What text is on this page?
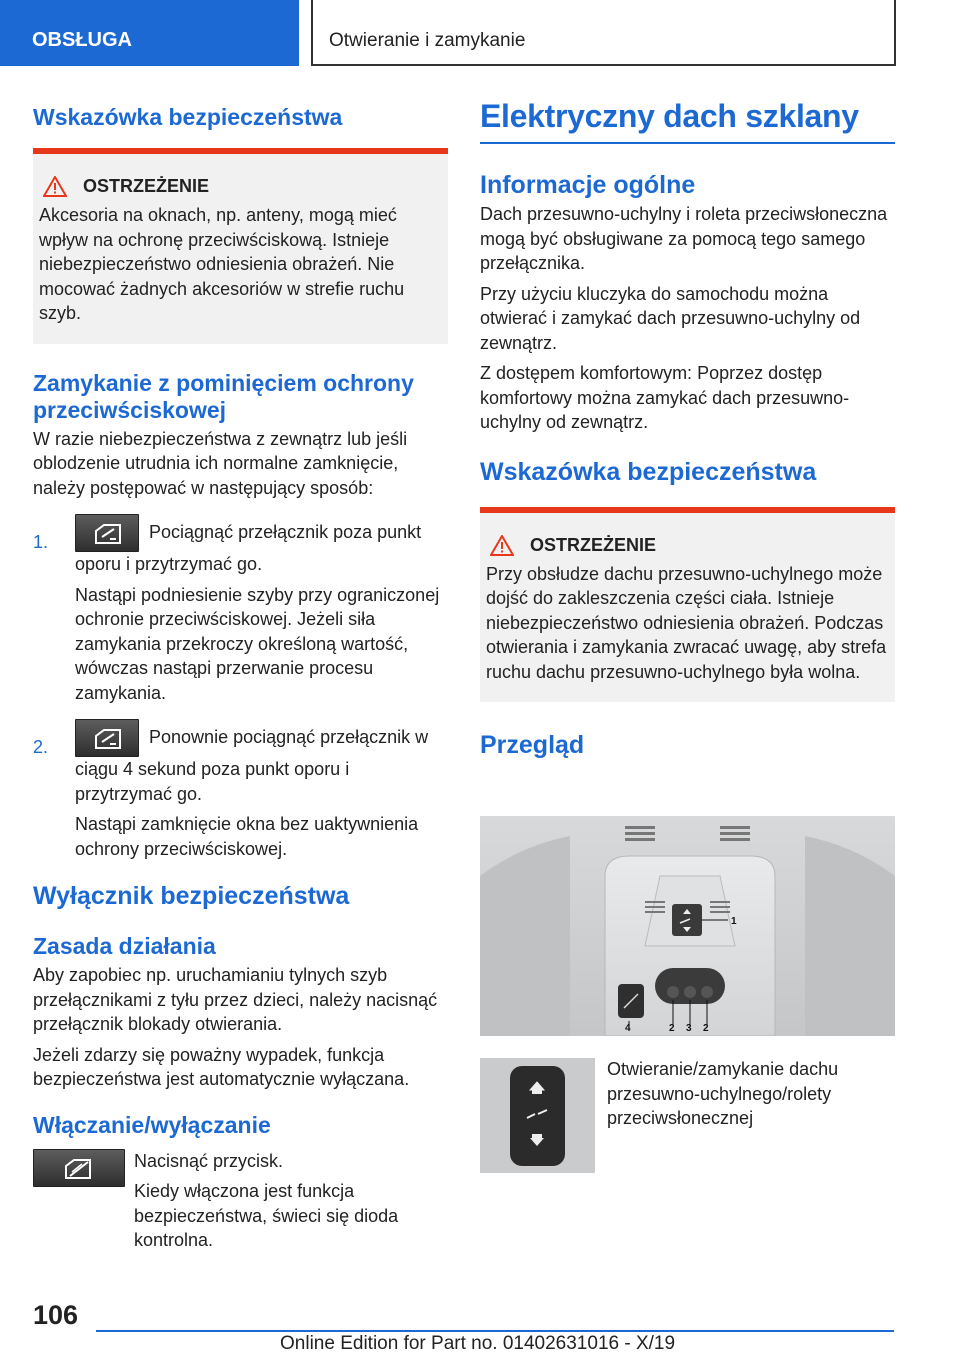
OBSŁUGA	Otwieranie i zamykanie
Wskazówka bezpieczeństwa
OSTRZEŻENIE

Akcesoria na oknach, np. anteny, mogą mieć wpływ na ochronę przeciwściskową. Istnieje niebezpieczeństwo odniesienia obrażeń. Nie mocować żadnych akcesoriów w strefie ruchu szyb.

Zamykanie z pominięciem ochrony przeciwściskowej

W razie niebezpieczeństwa z zewnątrz lub jeśli oblodzenie utrudnia ich normalne zamknięcie, należy postępować w następujący sposób:

1.

Pociągnąć przełącznik poza punkt oporu i przytrzymać go.

Nastąpi podniesienie szyby przy ograniczonej ochronie przeciwściskowej. Jeżeli siła zamykania przekroczy określoną wartość, wówczas nastąpi przerwanie procesu zamykania.

2.

Ponownie pociągnąć przełącznik w ciągu 4 sekund poza punkt oporu i przytrzymać go.

Nastąpi zamknięcie okna bez uaktywnienia ochrony przeciwściskowej.

Wyłącznik bezpieczeństwa
Zasada działania

Aby zapobiec np. uruchamianiu tylnych szyb przełącznikami z tyłu przez dzieci, należy nacisnąć przełącznik blokady otwierania.

Jeżeli zdarzy się poważny wypadek, funkcja bezpieczeństwa jest automatycznie wyłączana.

Włączanie/wyłączanie

Nacisnąć przycisk.

Kiedy włączona jest funkcja bezpieczeństwa, świeci się dioda kontrolna.

Elektryczny dach szklany
Informacje ogólne

Dach przesuwno-uchylny i roleta przeciwsłoneczna mogą być obsługiwane za pomocą tego samego przełącznika.

Przy użyciu kluczyka do samochodu można otwierać i zamykać dach przesuwno-uchylny od zewnątrz.

Z dostępem komfortowym: Poprzez dostęp komfortowy można zamykać dach przesuwno-uchylny od zewnątrz.

Wskazówka bezpieczeństwa
OSTRZEŻENIE

Przy obsłudze dachu przesuwno-uchylnego może dojść do zakleszczenia części ciała. Istnieje niebezpieczeństwo odniesienia obrażeń. Podczas otwierania i zamykania zwracać uwagę, aby strefa ruchu dachu przesuwno-uchylnego była wolna.

Przegląd
1
4	2 3 2

Otwieranie/zamykanie dachu przesuwno-uchylnego/rolety przeciwsłonecznej

106
Online Edition for Part no. 01402631016 - X/19
